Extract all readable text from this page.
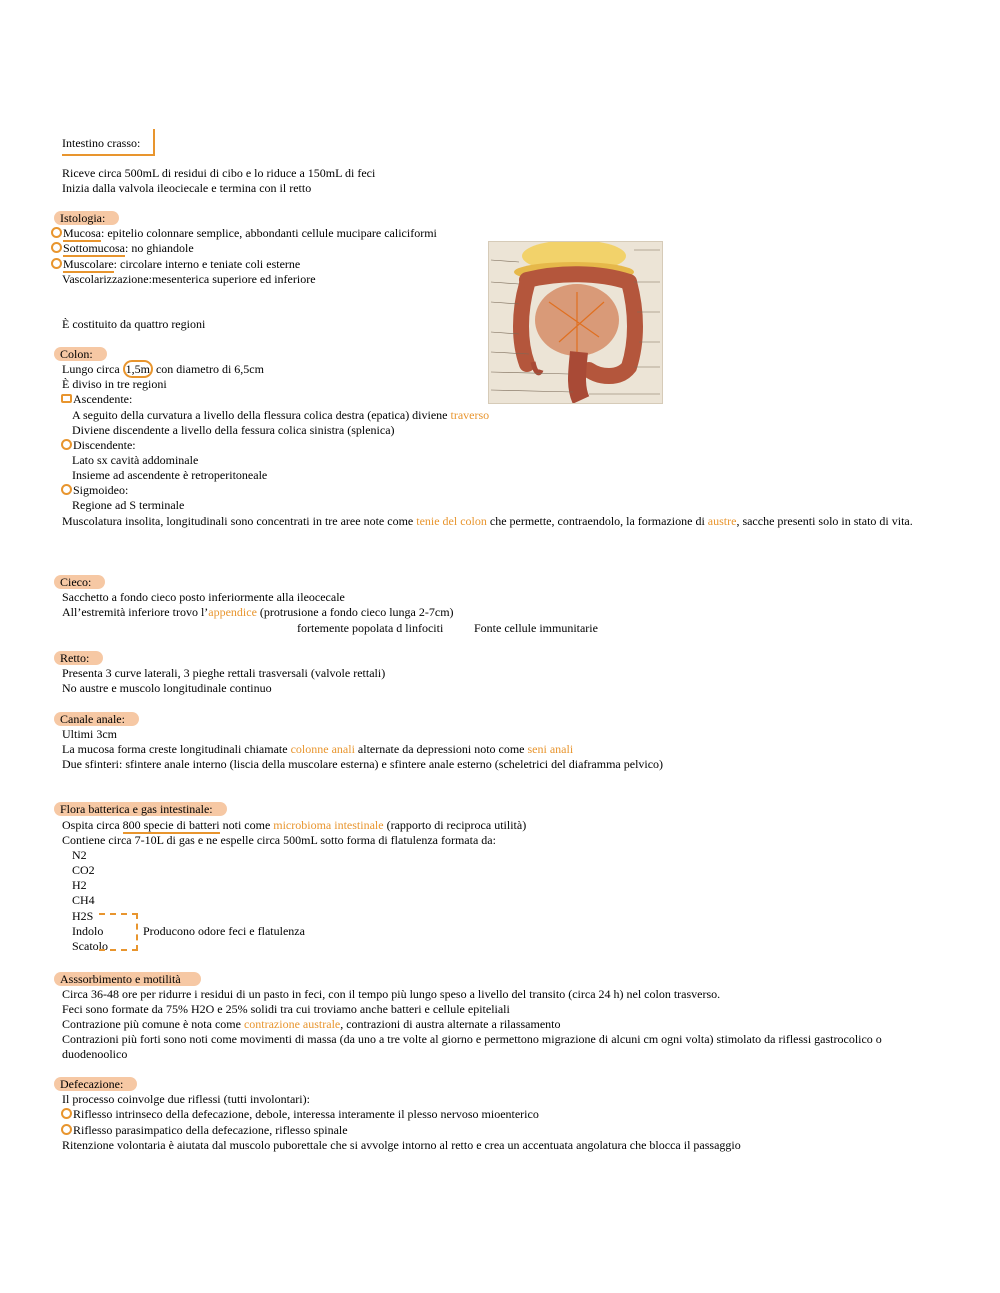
Intestino crasso:
Riceve circa 500mL di residui di cibo e lo riduce a 150mL di feci
Inizia dalla valvola ileociecale e termina con il retto
Istologia:
Mucosa: epitelio colonnare semplice, abbondanti cellule mucipare caliciformi
Sottomucosa: no ghiandole
Muscolare: circolare interno e teniate coli esterne
Vascolarizzazione:mesenterica superiore ed inferiore
È costituito da quattro regioni
Colon:
Lungo circa 1,5m con diametro di 6,5cm
È diviso in tre regioni
Ascendente:
A seguito della curvatura a livello della flessura colica destra (epatica) diviene traverso
Diviene discendente a livello della fessura colica sinistra (splenica)
Discendente:
Lato sx cavità addominale
Insieme ad ascendente è retroperitoneale
Sigmoideo:
Regione ad S terminale
Muscolatura insolita, longitudinali sono concentrati in tre aree note come tenie del colon che permette, contraendolo, la formazione di austre, sacche presenti solo in stato di vita.
Cieco:
Sacchetto a fondo cieco posto inferiormente alla ileocecale
All’estremità inferiore trovo l’appendice (protrusione a fondo cieco lunga 2-7cm)
fortemente popolata d linfociti	Fonte cellule immunitarie
Retto:
Presenta 3 curve laterali, 3 pieghe rettali trasversali (valvole rettali)
No austre e muscolo longitudinale continuo
Canale anale:
Ultimi 3cm
La mucosa forma creste longitudinali chiamate colonne anali alternate da depressioni noto come seni anali
Due sfinteri: sfintere anale interno (liscia della muscolare esterna) e sfintere anale esterno (scheletrici del diaframma pelvico)
Flora batterica e gas intestinale:
Ospita circa 800 specie di batteri noti come microbioma intestinale (rapporto di reciproca utilità)
Contiene circa 7-10L di gas e ne espelle circa 500mL sotto forma di flatulenza formata da:
N2
CO2
H2
CH4
H2S
Indolo
Scatolo
Producono odore feci e flatulenza
Asssorbimento e motilità
Circa 36-48 ore per ridurre i residui di un pasto in feci, con il tempo più lungo speso a livello del transito (circa 24 h) nel colon trasverso.
Feci sono formate da 75% H2O e 25% solidi tra cui troviamo anche batteri e cellule epiteliali
Contrazione più comune è nota come contrazione australe, contrazioni di austra alternate a rilassamento
Contrazioni più forti sono noti come movimenti di massa (da uno a tre volte al giorno e permettono migrazione di alcuni cm ogni volta) stimolato da riflessi gastrocolico o duodenoolico
Defecazione:
Il processo coinvolge due riflessi (tutti involontari):
Riflesso intrinseco della defecazione, debole, interessa interamente il plesso nervoso mioenterico
Riflesso parasimpatico della defecazione, riflesso spinale
Ritenzione volontaria è aiutata dal muscolo puborettale che si avvolge intorno al retto e crea un accentuata angolatura che blocca il passaggio
